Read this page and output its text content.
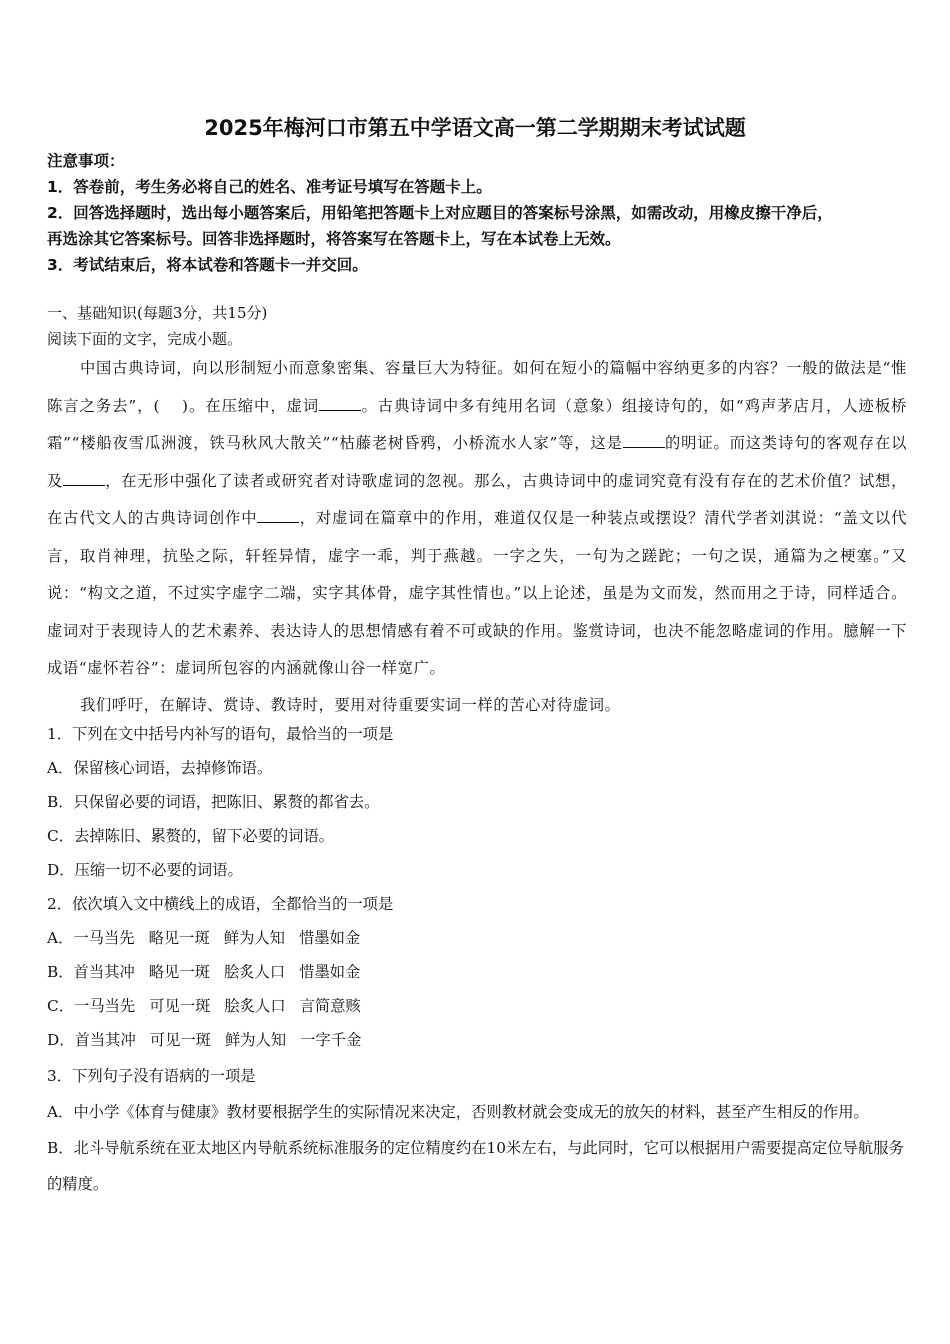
2025年梅河口市第五中学语文高一第二学期期末考试试题

注意事项：

1．答卷前，考生务必将自己的姓名、准考证号填写在答题卡上。

2．回答选择题时，选出每小题答案后，用铅笔把答题卡上对应题目的答案标号涂黑，如需改动，用橡皮擦干净后，

再选涂其它答案标号。回答非选择题时，将答案写在答题卡上，写在本试卷上无效。

3．考试结束后，将本试卷和答题卡一并交回。

一、基础知识(每题3分，共15分)

阅读下面的文字，完成小题。

中国古典诗词，向以形制短小而意象密集、容量巨大为特征。如何在短小的篇幅中容纳更多的内容？一般的做法是“惟陈言之务去”，( )。在压缩中，虚词	。古典诗词中多有纯用名词（意象）组接诗句的，如“鸡声茅店月，人迹板桥霜”“楼船夜雪瓜洲渡，铁马秋风大散关”“枯藤老树昏鸦，小桥流水人家”等，这是	的明证。而这类诗句的客观存在以及	，在无形中强化了读者或研究者对诗歌虚词的忽视。那么，古典诗词中的虚词究竟有没有存在的艺术价值？试想，在古代文人的古典诗词创作中	，对虚词在篇章中的作用，难道仅仅是一种装点或摆设？清代学者刘淇说：“盖文以代言，取肖神理，抗坠之际，轩轾异情，虚字一乖，判于燕越。一字之失，一句为之蹉跎；一句之误，通篇为之梗塞。”又说：“构文之道，不过实字虚字二端，实字其体骨，虚字其性情也。”以上论述，虽是为文而发，然而用之于诗，同样适合。虚词对于表现诗人的艺术素养、表达诗人的思想情感有着不可或缺的作用。鉴赏诗词，也决不能忽略虚词的作用。臆解一下成语“虚怀若谷”：虚词所包容的内涵就像山谷一样宽广。

我们呼吁，在解诗、赏诗、教诗时，要用对待重要实词一样的苦心对待虚词。

1．下列在文中括号内补写的语句，最恰当的一项是

A．保留核心词语，去掉修饰语。

B．只保留必要的词语，把陈旧、累赘的都省去。

C．去掉陈旧、累赘的，留下必要的词语。

D．压缩一切不必要的词语。

2．依次填入文中横线上的成语，全都恰当的一项是

A．一马当先 略见一斑 鲜为人知 惜墨如金

B．首当其冲 略见一斑 脍炙人口 惜墨如金

C．一马当先 可见一斑 脍炙人口 言简意赅

D．首当其冲 可见一斑 鲜为人知 一字千金

3．下列句子没有语病的一项是

A．中小学《体育与健康》教材要根据学生的实际情况来决定，否则教材就会变成无的放矢的材料，甚至产生相反的作用。

B．北斗导航系统在亚太地区内导航系统标准服务的定位精度约在10米左右，与此同时，它可以根据用户需要提高定位导航服务的精度。
